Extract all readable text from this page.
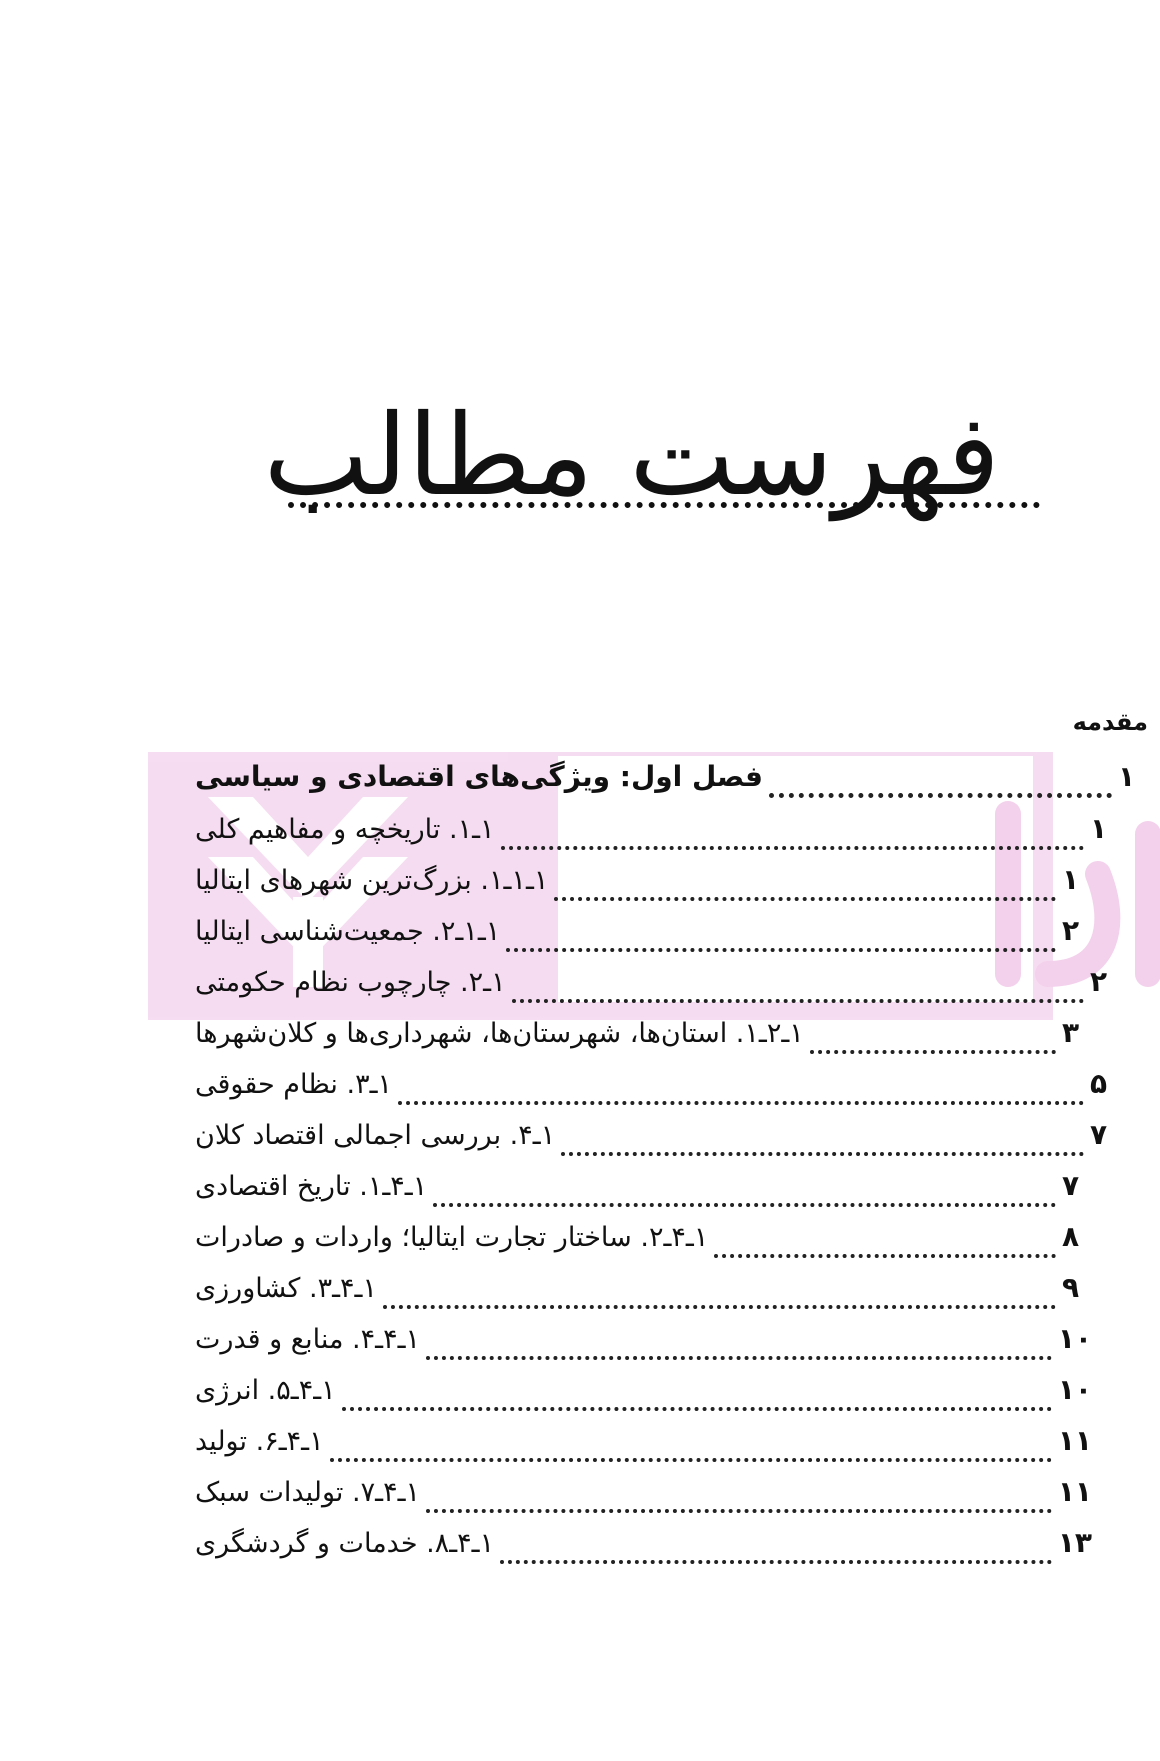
فهرست مطالب
مقدمه
فصل اول: ویژگی‌های اقتصادی و سیاسی	۱
۱ـ۱. تاریخچه و مفاهیم کلی	۱
۱ـ۱ـ۱. بزرگ‌ترین شهرهای ایتالیا	۱
۱ـ۱ـ۲. جمعیت‌شناسی ایتالیا	۲
۱ـ۲. چارچوب نظام حکومتی	۲
۱ـ۲ـ۱. استان‌ها، شهرستان‌ها، شهرداری‌ها و کلان‌شهرها	۳
۱ـ۳. نظام حقوقی	۵
۱ـ۴. بررسی اجمالی اقتصاد کلان	۷
۱ـ۴ـ۱. تاریخ اقتصادی	۷
۱ـ۴ـ۲. ساختار تجارت ایتالیا؛ واردات و صادرات	۸
۱ـ۴ـ۳. کشاورزی	۹
۱ـ۴ـ۴. منابع و قدرت	۱۰
۱ـ۴ـ۵. انرژی	۱۰
۱ـ۴ـ۶. تولید	۱۱
۱ـ۴ـ۷. تولیدات سبک	۱۱
۱ـ۴ـ۸. خدمات و گردشگری	۱۳
